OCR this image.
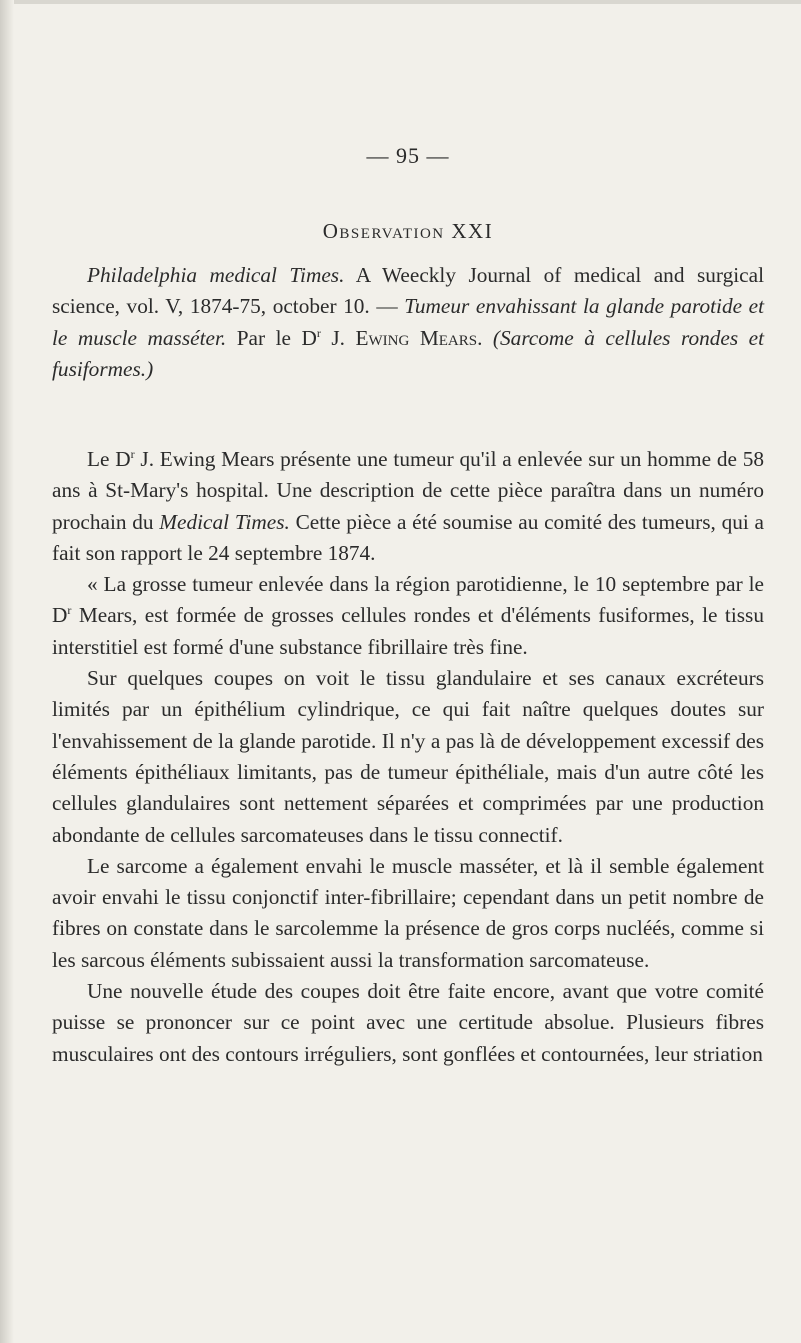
— 95 —
Observation XXI
Philadelphia medical Times. A Weeckly Journal of medical and surgical science, vol. V, 1874-75, october 10. — Tumeur envahissant la glande parotide et le muscle masséter. Par le $D^r$ J. Ewing Mears. (Sarcome à cellules rondes et fusiformes.)

Le $D^r$ J. Ewing Mears présente une tumeur qu'il a enlevée sur un homme de 58 ans à St-Mary's hospital. Une description de cette pièce paraîtra dans un numéro prochain du Medical Times. Cette pièce a été soumise au comité des tumeurs, qui a fait son rapport le 24 septembre 1874.

« La grosse tumeur enlevée dans la région parotidienne, le 10 septembre par le $D^r$ Mears, est formée de grosses cellules rondes et d'éléments fusiformes, le tissu interstitiel est formé d'une substance fibrillaire très fine.

Sur quelques coupes on voit le tissu glandulaire et ses canaux excréteurs limités par un épithélium cylindrique, ce qui fait naître quelques doutes sur l'envahissement de la glande parotide. Il n'y a pas là de développement excessif des éléments épithéliaux limitants, pas de tumeur épithéliale, mais d'un autre côté les cellules glandulaires sont nettement séparées et comprimées par une production abondante de cellules sarcomateuses dans le tissu connectif.

Le sarcome a également envahi le muscle masséter, et là il semble également avoir envahi le tissu conjonctif inter-fibrillaire; cependant dans un petit nombre de fibres on constate dans le sarcolemme la présence de gros corps nucléés, comme si les sarcous éléments subissaient aussi la transformation sarcomateuse.

Une nouvelle étude des coupes doit être faite encore, avant que votre comité puisse se prononcer sur ce point avec une certitude absolue. Plusieurs fibres musculaires ont des contours irréguliers, sont gonflées et contournées, leur striation
